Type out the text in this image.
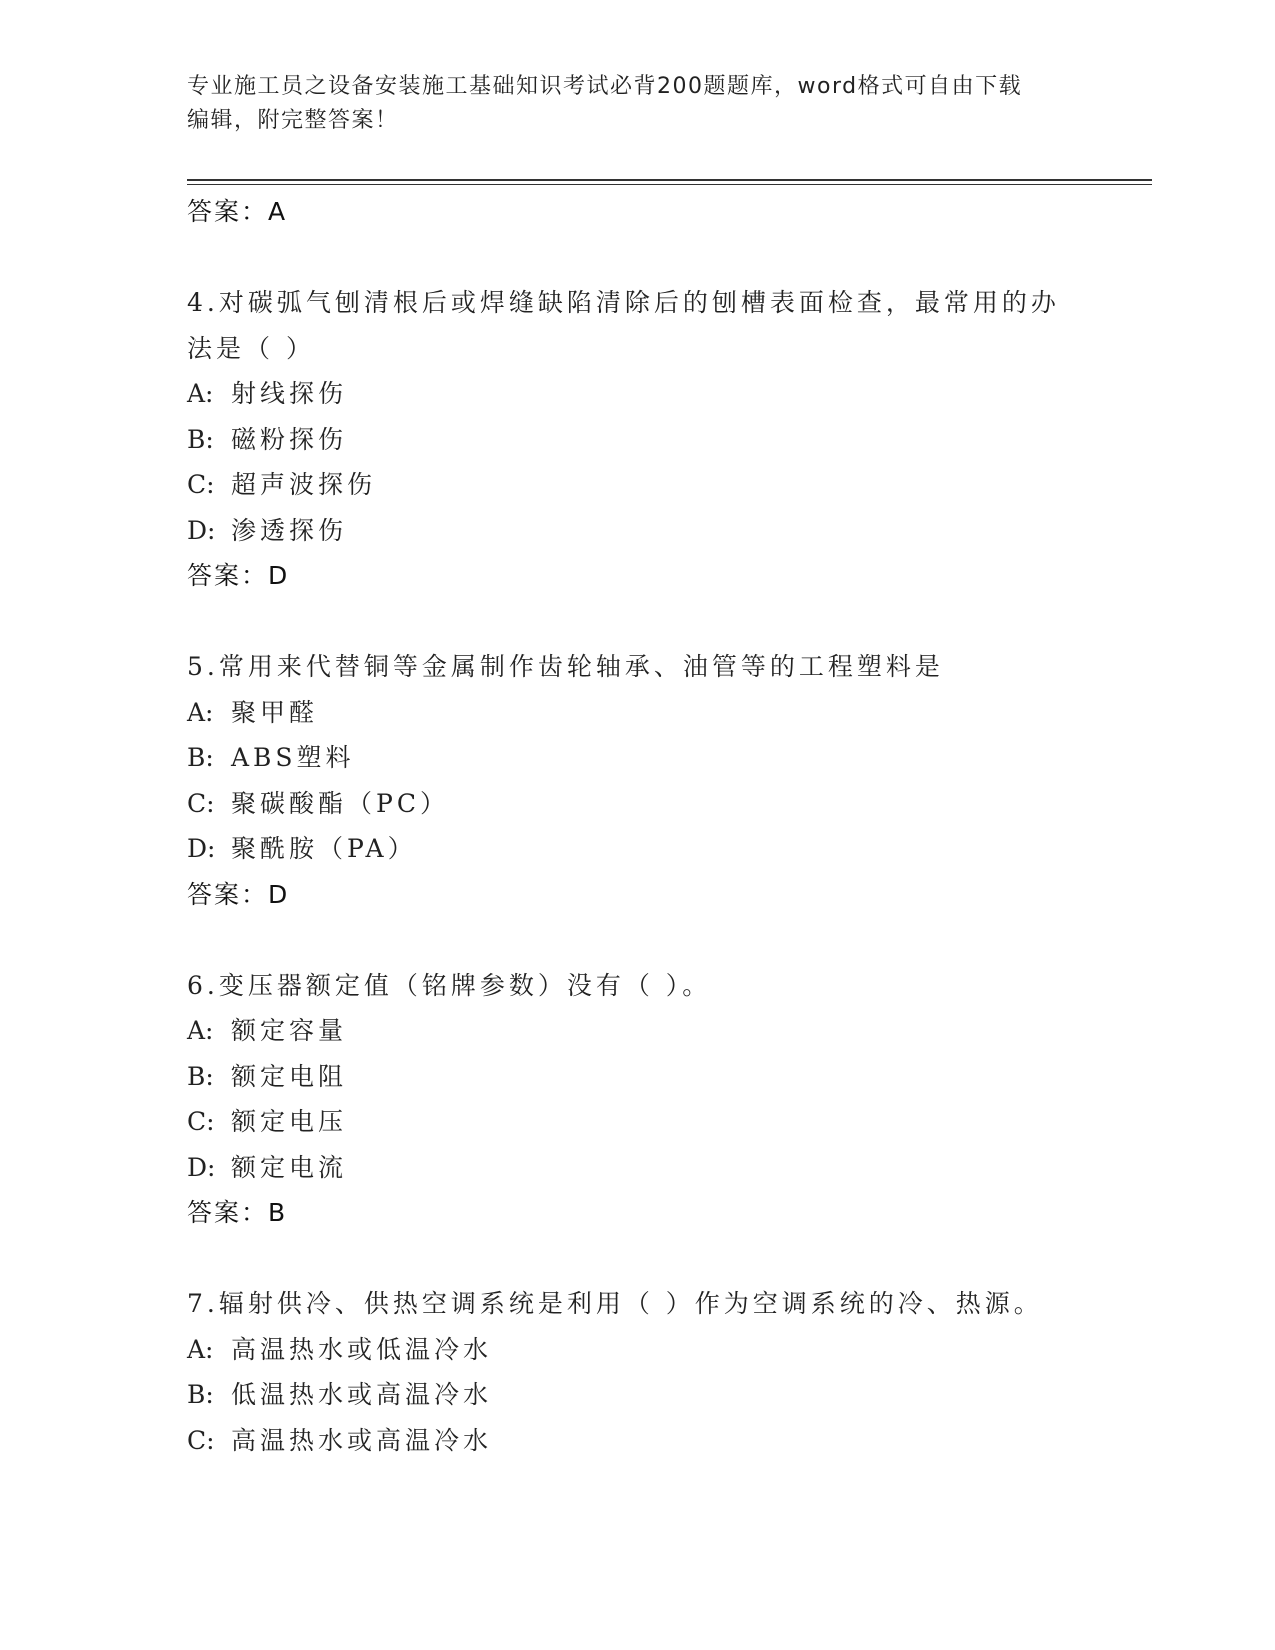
专业施工员之设备安装施工基础知识考试必背200题题库，word格式可自由下载
编辑，附完整答案！
答案：A
4.对碳弧气刨清根后或焊缝缺陷清除后的刨槽表面检查，最常用的办
法是（ ）
A: 射线探伤
B: 磁粉探伤
C: 超声波探伤
D: 渗透探伤
答案：D
5.常用来代替铜等金属制作齿轮轴承、油管等的工程塑料是
A: 聚甲醛
B: ABS塑料
C: 聚碳酸酯（PC）
D: 聚酰胺（PA）
答案：D
6.变压器额定值（铭牌参数）没有（ ）。
A: 额定容量
B: 额定电阻
C: 额定电压
D: 额定电流
答案：B
7.辐射供冷、供热空调系统是利用（ ）作为空调系统的冷、热源。
A: 高温热水或低温冷水
B: 低温热水或高温冷水
C: 高温热水或高温冷水
